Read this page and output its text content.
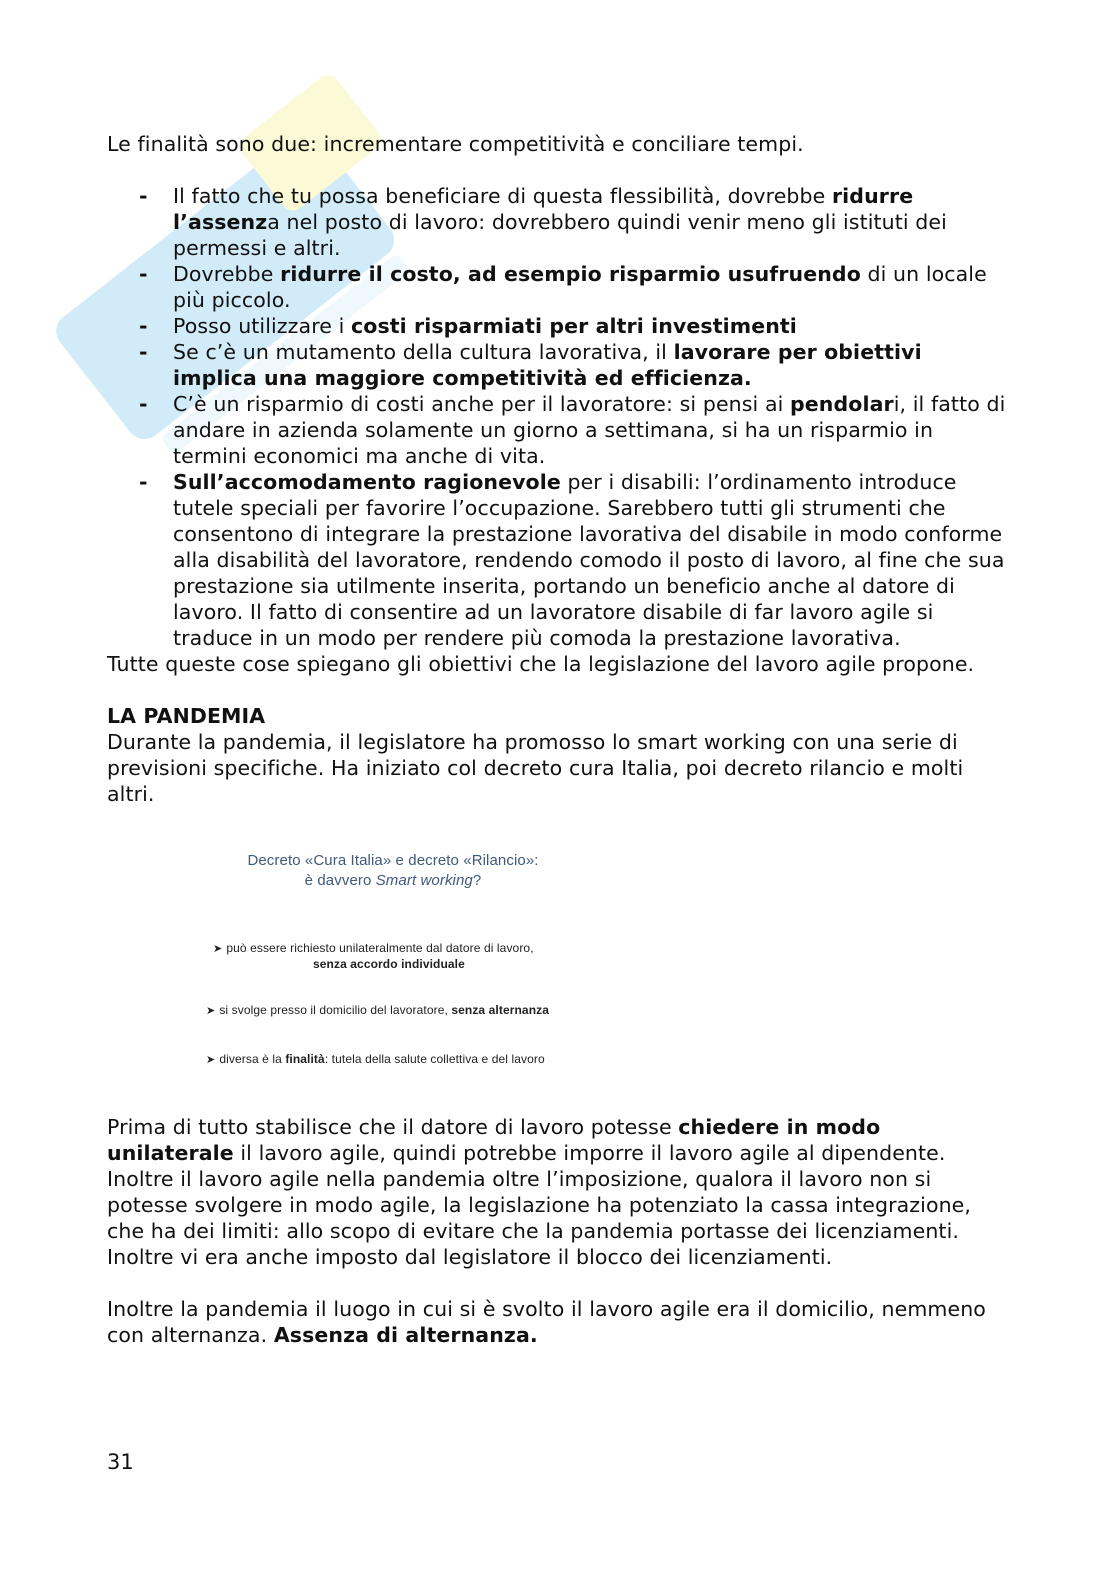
Le finalità sono due: incrementare competitività e conciliare tempi.

- Il fatto che tu possa beneficiare di questa flessibilità, dovrebbe ridurre l’assenza nel posto di lavoro: dovrebbero quindi venir meno gli istituti dei permessi e altri.
- Dovrebbe ridurre il costo, ad esempio risparmio usufruendo di un locale più piccolo.
- Posso utilizzare i costi risparmiati per altri investimenti
- Se c’è un mutamento della cultura lavorativa, il lavorare per obiettivi implica una maggiore competitività ed efficienza.
- C’è un risparmio di costi anche per il lavoratore: si pensi ai pendolari, il fatto di andare in azienda solamente un giorno a settimana, si ha un risparmio in termini economici ma anche di vita.
- Sull’accomodamento ragionevole per i disabili: l’ordinamento introduce tutele speciali per favorire l’occupazione. Sarebbero tutti gli strumenti che consentono di integrare la prestazione lavorativa del disabile in modo conforme alla disabilità del lavoratore, rendendo comodo il posto di lavoro, al fine che sua prestazione sia utilmente inserita, portando un beneficio anche al datore di lavoro. Il fatto di consentire ad un lavoratore disabile di far lavoro agile si traduce in un modo per rendere più comoda la prestazione lavorativa.

Tutte queste cose spiegano gli obiettivi che la legislazione del lavoro agile propone.

LA PANDEMIA

Durante la pandemia, il legislatore ha promosso lo smart working con una serie di previsioni specifiche. Ha iniziato col decreto cura Italia, poi decreto rilancio e molti altri.

Decreto «Cura Italia» e decreto «Rilancio»:
è davvero Smart working?
➤ può essere richiesto unilateralmente dal datore di lavoro,
senza accordo individuale
➤ si svolge presso il domicilio del lavoratore, senza alternanza
➤ diversa è la finalità: tutela della salute collettiva e del lavoro

Prima di tutto stabilisce che il datore di lavoro potesse chiedere in modo unilaterale il lavoro agile, quindi potrebbe imporre il lavoro agile al dipendente. Inoltre il lavoro agile nella pandemia oltre l’imposizione, qualora il lavoro non si potesse svolgere in modo agile, la legislazione ha potenziato la cassa integrazione, che ha dei limiti: allo scopo di evitare che la pandemia portasse dei licenziamenti. Inoltre vi era anche imposto dal legislatore il blocco dei licenziamenti.

Inoltre la pandemia il luogo in cui si è svolto il lavoro agile era il domicilio, nemmeno con alternanza. Assenza di alternanza.

31
